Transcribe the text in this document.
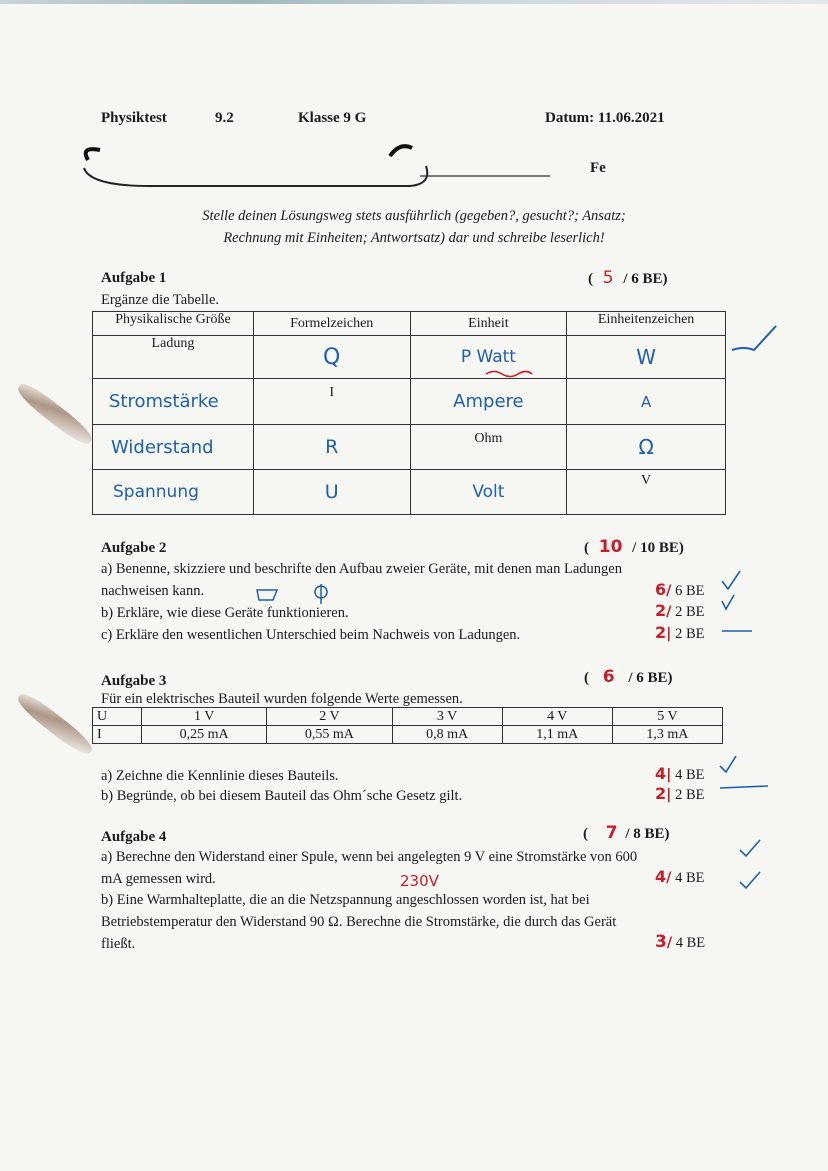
Physiktest	9.2	Klasse 9 G	Datum: 11.06.2021
Fe
Stelle deinen Lösungsweg stets ausführlich (gegeben?, gesucht?; Ansatz;
Rechnung mit Einheiten; Antwortsatz) dar und schreibe leserlich!
Aufgabe 1	( 5 / 6 BE)
Ergänze die Tabelle.
Physikalische Größe	Formelzeichen	Einheit	Einheitenzeichen
Ladung	Q	P Watt	W
Stromstärke	I	Ampere	A
Widerstand	R	Ohm	Ω
Spannung	U	Volt	V
Aufgabe 2	( 10 / 10 BE)
a) Benenne, skizziere und beschrifte den Aufbau zweier Geräte, mit denen man Ladungen
nachweisen kann.
b) Erkläre, wie diese Geräte funktionieren.
c) Erkläre den wesentlichen Unterschied beim Nachweis von Ladungen.
6/ 6 BE
2/ 2 BE
2| 2 BE
Aufgabe 3	( 6 / 6 BE)
Für ein elektrisches Bauteil wurden folgende Werte gemessen.
U	1 V	2 V	3 V	4 V	5 V
I	0,25 mA	0,55 mA	0,8 mA	1,1 mA	1,3 mA
a) Zeichne die Kennlinie dieses Bauteils.
b) Begründe, ob bei diesem Bauteil das Ohm´sche Gesetz gilt.
4| 4 BE
2| 2 BE
Aufgabe 4	( 7 / 8 BE)
a) Berechne den Widerstand einer Spule, wenn bei angelegten 9 V eine Stromstärke von 600
mA gemessen wird.	230V	4/ 4 BE
b) Eine Warmhalteplatte, die an die Netzspannung angeschlossen worden ist, hat bei
Betriebstemperatur den Widerstand 90 Ω. Berechne die Stromstärke, die durch das Gerät
fließt.	3/ 4 BE
